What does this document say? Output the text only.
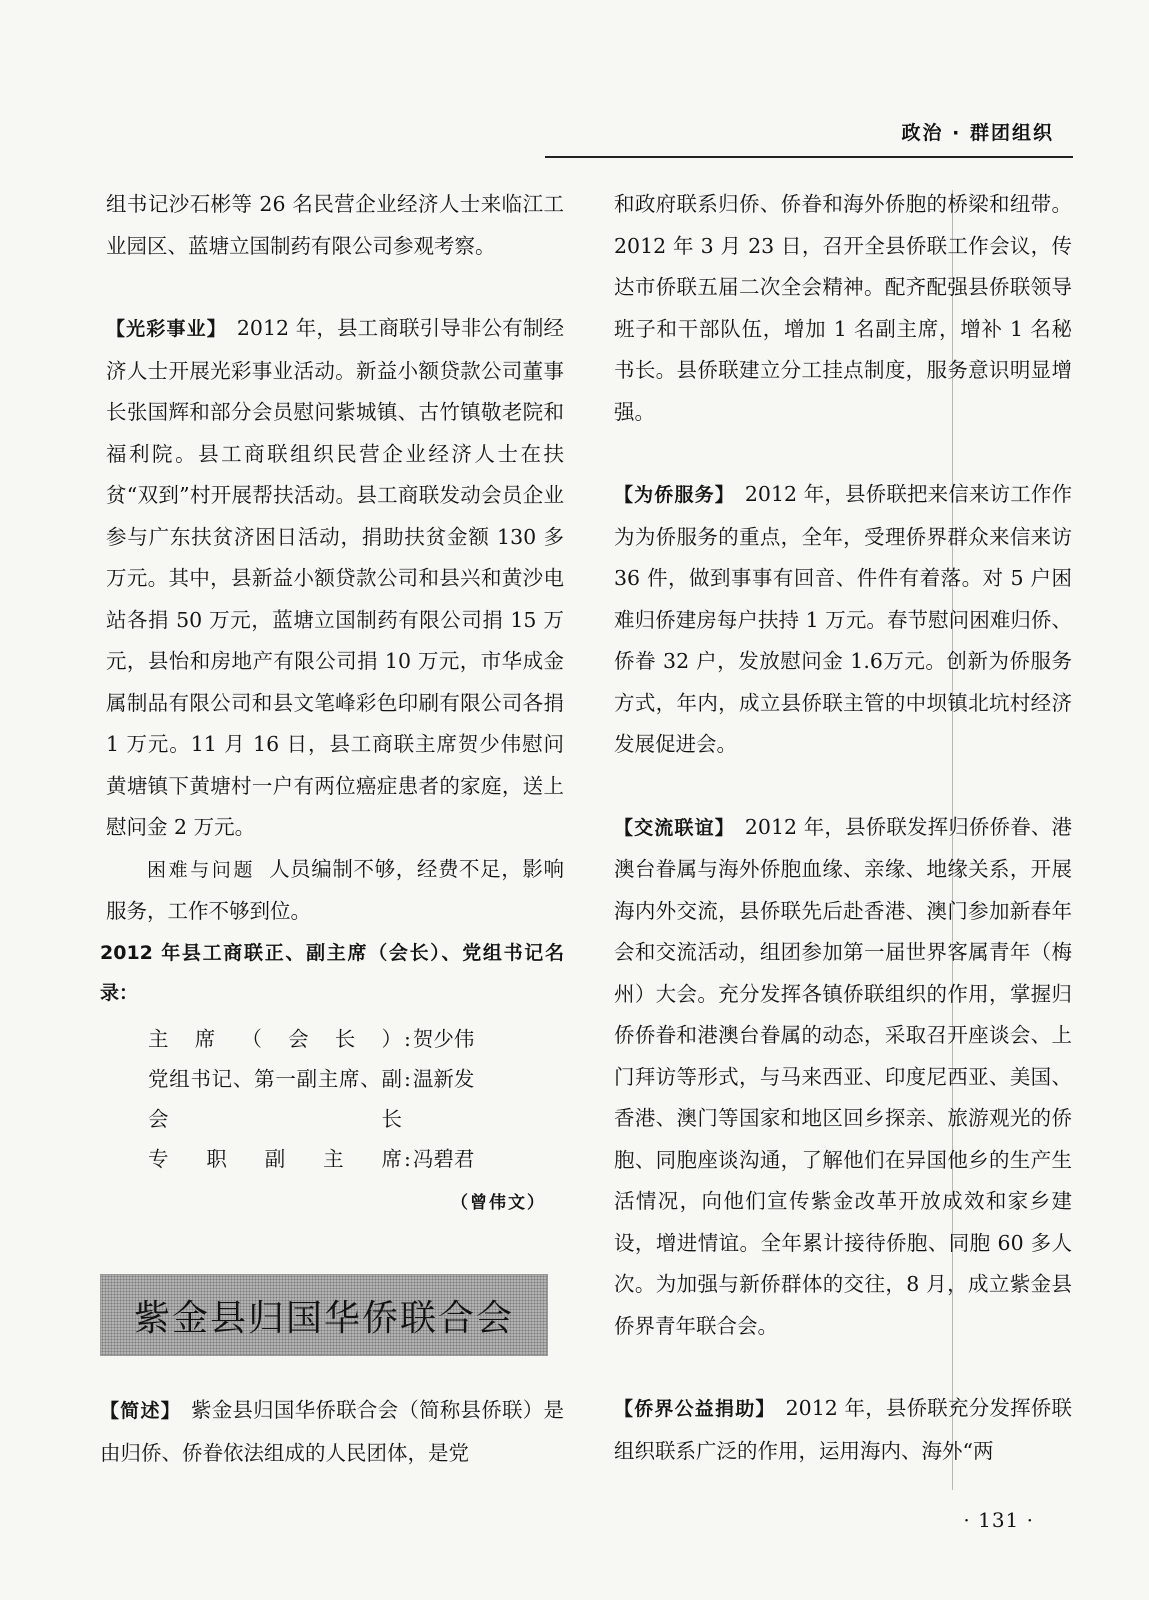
政治 · 群团组织

组书记沙石彬等 26 名民营企业经济人士来临江工业园区、蓝塘立国制药有限公司参观考察。

【光彩事业】 2012 年，县工商联引导非公有制经济人士开展光彩事业活动。新益小额贷款公司董事长张国辉和部分会员慰问紫城镇、古竹镇敬老院和福利院。县工商联组织民营企业经济人士在扶贫“双到”村开展帮扶活动。县工商联发动会员企业参与广东扶贫济困日活动，捐助扶贫金额 130 多万元。其中，县新益小额贷款公司和县兴和黄沙电站各捐 50 万元，蓝塘立国制药有限公司捐 15 万元，县怡和房地产有限公司捐 10 万元，市华成金属制品有限公司和县文笔峰彩色印刷有限公司各捐 1 万元。11 月 16 日，县工商联主席贺少伟慰问黄塘镇下黄塘村一户有两位癌症患者的家庭，送上慰问金 2 万元。

困难与问题 人员编制不够，经费不足，影响服务，工作不够到位。

2012 年县工商联正、副主席（会长）、党组书记名录：

主席（会长） : 贺少伟
党组书记、第一副主席、副会长
: 温新发
专职副主席 : 冯碧君

（曾伟文）

紫金县归国华侨联合会
【简述】 紫金县归国华侨联合会（简称县侨联）是由归侨、侨眷依法组成的人民团体，是党

和政府联系归侨、侨眷和海外侨胞的桥梁和纽带。2012 年 3 月 23 日，召开全县侨联工作会议，传达市侨联五届二次全会精神。配齐配强县侨联领导班子和干部队伍，增加 1 名副主席，增补 1 名秘书长。县侨联建立分工挂点制度，服务意识明显增强。

【为侨服务】 2012 年，县侨联把来信来访工作作为为侨服务的重点，全年，受理侨界群众来信来访 36 件，做到事事有回音、件件有着落。对 5 户困难归侨建房每户扶持 1 万元。春节慰问困难归侨、侨眷 32 户，发放慰问金 1.6万元。创新为侨服务方式，年内，成立县侨联主管的中坝镇北坑村经济发展促进会。

【交流联谊】 2012 年，县侨联发挥归侨侨眷、港澳台眷属与海外侨胞血缘、亲缘、地缘关系，开展海内外交流，县侨联先后赴香港、澳门参加新春年会和交流活动，组团参加第一届世界客属青年（梅州）大会。充分发挥各镇侨联组织的作用，掌握归侨侨眷和港澳台眷属的动态，采取召开座谈会、上门拜访等形式，与马来西亚、印度尼西亚、美国、香港、澳门等国家和地区回乡探亲、旅游观光的侨胞、同胞座谈沟通，了解他们在异国他乡的生产生活情况，向他们宣传紫金改革开放成效和家乡建设，增进情谊。全年累计接待侨胞、同胞 60 多人次。为加强与新侨群体的交往，8 月，成立紫金县侨界青年联合会。

【侨界公益捐助】 2012 年，县侨联充分发挥侨联组织联系广泛的作用，运用海内、海外“两

· 131 ·
